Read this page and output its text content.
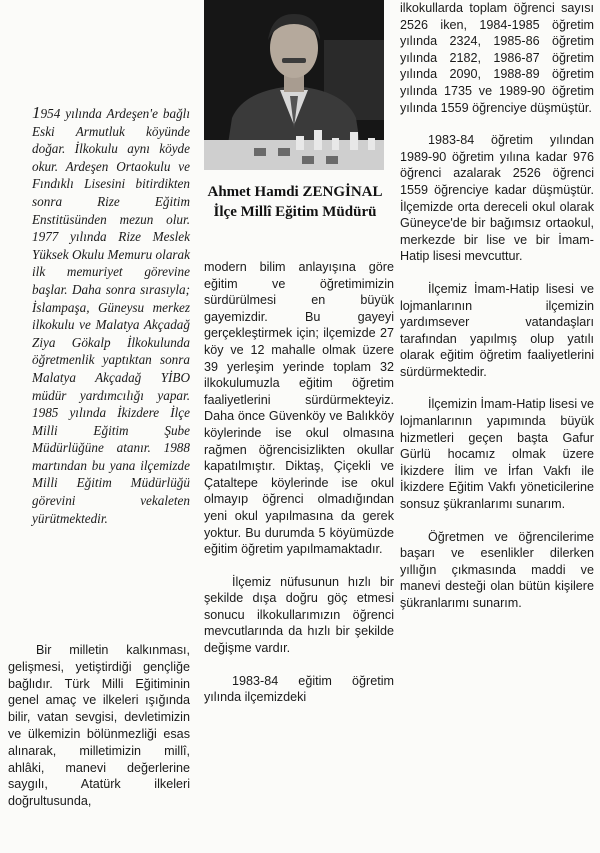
Ahmet Hamdi ZENGİNAL
İlçe Millî Eğitim Müdürü
1954 yılında Ardeşen'e bağlı Eski Armutluk köyünde doğar. İlkokulu aynı köyde okur. Ardeşen Ortaokulu ve Fındıklı Lisesini bitirdikten sonra Rize Eğitim Enstitüsünden mezun olur. 1977 yılında Rize Meslek Yüksek Okulu Memuru olarak ilk memuriyet görevine başlar. Daha sonra sırasıyla; İslampaşa, Güneysu merkez ilkokulu ve Malatya Akçadağ Ziya Gökalp İlkokulunda öğretmenlik yaptıktan sonra Malatya Akçadağ YİBO müdür yardımcılığı yapar. 1985 yılında İkizdere İlçe Milli Eğitim Şube Müdürlüğüne atanır. 1988 martından bu yana ilçemizde Milli Eğitim Müdürlüğü görevini vekaleten yürütmektedir.

Bir milletin kalkınması, gelişmesi, yetiştirdiği gençliğe bağlıdır. Türk Milli Eğitiminin genel amaç ve ilkeleri ışığında bilir, vatan sevgisi, devletimizin ve ülkemizin bölünmezliği esas alınarak, milletimizin millî, ahlâki, manevi değerlerine saygılı, Atatürk ilkeleri doğrultusunda,

modern bilim anlayışına göre eğitim ve öğretimimizin sürdürülmesi en büyük gayemizdir. Bu gayeyi gerçekleştirmek için; ilçemizde 27 köy ve 12 mahalle olmak üzere 39 yerleşim yerinde toplam 32 ilkokulumuzla eğitim öğretim faaliyetlerini sürdürmekteyiz. Daha önce Güvenköy ve Balıkköy köylerinde ise okul olmasına rağmen öğrencisizlikten okullar kapatılmıştır. Diktaş, Çiçekli ve Çataltepe köylerinde ise okul olmayıp öğrenci olmadığından yeni okul yapılmasına da gerek yoktur. Bu durumda 5 köyümüzde eğitim öğretim yapılmamaktadır.

İlçemiz nüfusunun hızlı bir şekilde dışa doğru göç etmesi sonucu ilkokullarımızın öğrenci mevcutlarında da hızlı bir şekilde değişme vardır.

1983-84 eğitim öğretim yılında ilçemizdeki

ilkokullarda toplam öğrenci sayısı 2526 iken, 1984-1985 öğretim yılında 2324, 1985-86 öğretim yılında 2182, 1986-87 öğretim yılında 2090, 1988-89 öğretim yılında 1735 ve 1989-90 öğretim yılında 1559 öğrenciye düşmüştür.

1983-84 öğretim yılından 1989-90 öğretim yılına kadar 976 öğrenci azalarak 2526 öğrenci 1559 öğrenciye kadar düşmüştür. İlçemizde orta dereceli okul olarak Güneyce'de bir bağımsız ortaokul, merkezde bir lise ve bir İmam-Hatip lisesi mevcuttur.

İlçemiz İmam-Hatip lisesi ve lojmanlarının ilçemizin yardımsever vatandaşları tarafından yapılmış olup yatılı olarak eğitim öğretim faaliyetlerini sürdürmektedir.

İlçemizin İmam-Hatip lisesi ve lojmanlarının yapımında büyük hizmetleri geçen başta Gafur Gürlü hocamız olmak üzere İkizdere İlim ve İrfan Vakfı ile İkizdere Eğitim Vakfı yöneticilerine sonsuz şükranlarımı sunarım.

Öğretmen ve öğrencilerime başarı ve esenlikler dilerken yıllığın çıkmasında maddi ve manevi desteği olan bütün kişilere şükranlarımı sunarım.
